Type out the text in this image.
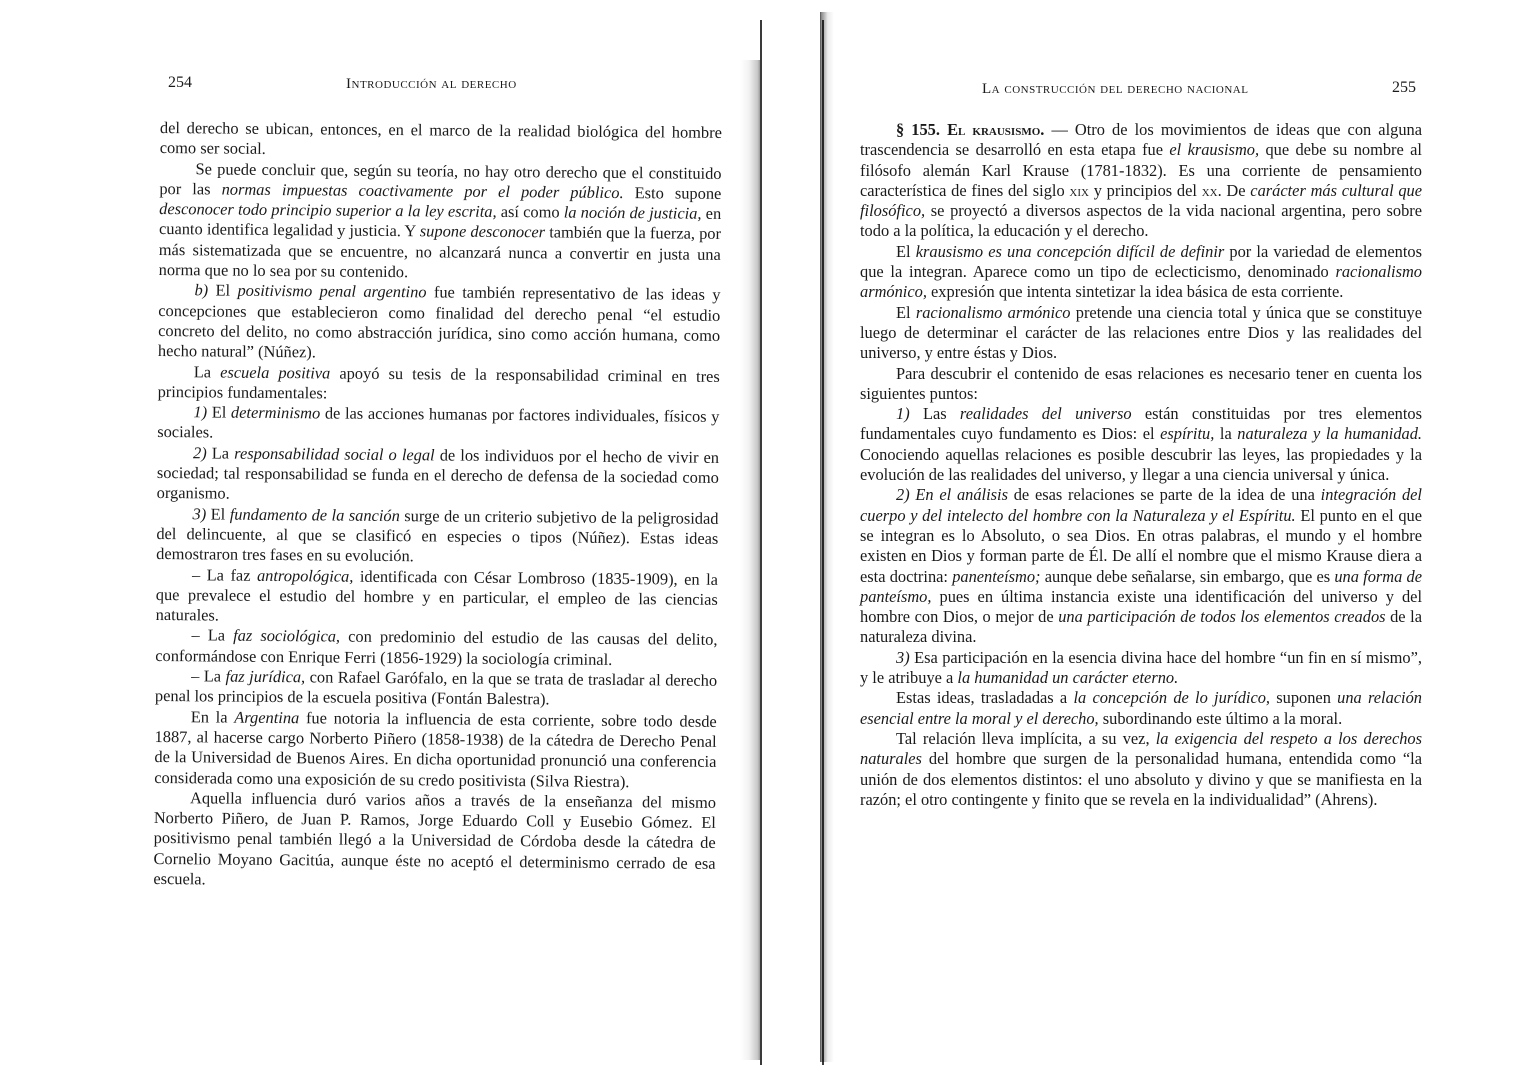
254	Introducción al derecho

del derecho se ubican, entonces, en el marco de la realidad biológica del hombre como ser social.

Se puede concluir que, según su teoría, no hay otro derecho que el constituido por las normas impuestas coactivamente por el poder público. Esto supone desconocer todo principio superior a la ley escrita, así como la noción de justicia, en cuanto identifica legalidad y justicia. Y supone desconocer también que la fuerza, por más sistematizada que se encuentre, no alcanzará nunca a convertir en justa una norma que no lo sea por su contenido.

b) El positivismo penal argentino fue también representativo de las ideas y concepciones que establecieron como finalidad del derecho penal “el estudio concreto del delito, no como abstracción jurídica, sino como acción humana, como hecho natural” (Núñez).

La escuela positiva apoyó su tesis de la responsabilidad criminal en tres principios fundamentales:

1) El determinismo de las acciones humanas por factores individuales, físicos y sociales.

2) La responsabilidad social o legal de los individuos por el hecho de vivir en sociedad; tal responsabilidad se funda en el derecho de defensa de la sociedad como organismo.

3) El fundamento de la sanción surge de un criterio subjetivo de la peligrosidad del delincuente, al que se clasificó en especies o tipos (Núñez). Estas ideas demostraron tres fases en su evolución.

– La faz antropológica, identificada con César Lombroso (1835-1909), en la que prevalece el estudio del hombre y en particular, el empleo de las ciencias naturales.

– La faz sociológica, con predominio del estudio de las causas del delito, conformándose con Enrique Ferri (1856-1929) la sociología criminal.

– La faz jurídica, con Rafael Garófalo, en la que se trata de trasladar al derecho penal los principios de la escuela positiva (Fontán Balestra).

En la Argentina fue notoria la influencia de esta corriente, sobre todo desde 1887, al hacerse cargo Norberto Piñero (1858-1938) de la cátedra de Derecho Penal de la Universidad de Buenos Aires. En dicha oportunidad pronunció una conferencia considerada como una exposición de su credo positivista (Silva Riestra).

Aquella influencia duró varios años a través de la enseñanza del mismo Norberto Piñero, de Juan P. Ramos, Jorge Eduardo Coll y Eusebio Gómez. El positivismo penal también llegó a la Universidad de Córdoba desde la cátedra de Cornelio Moyano Gacitúa, aunque éste no aceptó el determinismo cerrado de esa escuela.

La construcción del derecho nacional	255

§ 155. El krausismo. — Otro de los movimientos de ideas que con alguna trascendencia se desarrolló en esta etapa fue el krausismo, que debe su nombre al filósofo alemán Karl Krause (1781-1832). Es una corriente de pensamiento característica de fines del siglo xix y principios del xx. De carácter más cultural que filosófico, se proyectó a diversos aspectos de la vida nacional argentina, pero sobre todo a la política, la educación y el derecho.

El krausismo es una concepción difícil de definir por la variedad de elementos que la integran. Aparece como un tipo de eclecticismo, denominado racionalismo armónico, expresión que intenta sintetizar la idea básica de esta corriente.

El racionalismo armónico pretende una ciencia total y única que se constituye luego de determinar el carácter de las relaciones entre Dios y las realidades del universo, y entre éstas y Dios.

Para descubrir el contenido de esas relaciones es necesario tener en cuenta los siguientes puntos:

1) Las realidades del universo están constituidas por tres elementos fundamentales cuyo fundamento es Dios: el espíritu, la naturaleza y la humanidad. Conociendo aquellas relaciones es posible descubrir las leyes, las propiedades y la evolución de las realidades del universo, y llegar a una ciencia universal y única.

2) En el análisis de esas relaciones se parte de la idea de una integración del cuerpo y del intelecto del hombre con la Naturaleza y el Espíritu. El punto en el que se integran es lo Absoluto, o sea Dios. En otras palabras, el mundo y el hombre existen en Dios y forman parte de Él. De allí el nombre que el mismo Krause diera a esta doctrina: panenteísmo; aunque debe señalarse, sin embargo, que es una forma de panteísmo, pues en última instancia existe una identificación del universo y del hombre con Dios, o mejor de una participación de todos los elementos creados de la naturaleza divina.

3) Esa participación en la esencia divina hace del hombre “un fin en sí mismo”, y le atribuye a la humanidad un carácter eterno.

Estas ideas, trasladadas a la concepción de lo jurídico, suponen una relación esencial entre la moral y el derecho, subordinando este último a la moral.

Tal relación lleva implícita, a su vez, la exigencia del respeto a los derechos naturales del hombre que surgen de la personalidad humana, entendida como “la unión de dos elementos distintos: el uno absoluto y divino y que se manifiesta en la razón; el otro contingente y finito que se revela en la individualidad” (Ahrens).
